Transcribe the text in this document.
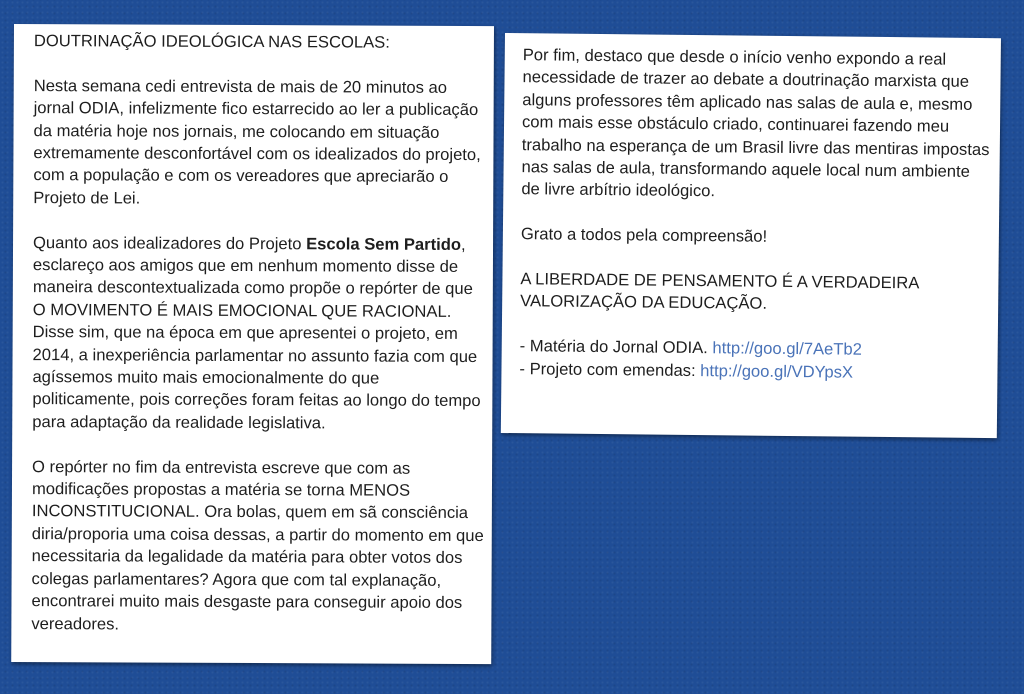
DOUTRINAÇÃO IDEOLÓGICA NAS ESCOLAS:

Nesta semana cedi entrevista de mais de 20 minutos ao jornal ODIA, infelizmente fico estarrecido ao ler a publicação da matéria hoje nos jornais, me colocando em situação extremamente desconfortável com os idealizados do projeto, com a população e com os vereadores que apreciarão o Projeto de Lei.

Quanto aos idealizadores do Projeto Escola Sem Partido, esclareço aos amigos que em nenhum momento disse de maneira descontextualizada como propõe o repórter de que O MOVIMENTO É MAIS EMOCIONAL QUE RACIONAL. Disse sim, que na época em que apresentei o projeto, em 2014, a inexperiência parlamentar no assunto fazia com que agíssemos muito mais emocionalmente do que politicamente, pois correções foram feitas ao longo do tempo para adaptação da realidade legislativa.

O repórter no fim da entrevista escreve que com as modificações propostas a matéria se torna MENOS INCONSTITUCIONAL. Ora bolas, quem em sã consciência diria/proporia uma coisa dessas, a partir do momento em que necessitaria da legalidade da matéria para obter votos dos colegas parlamentares? Agora que com tal explanação, encontrarei muito mais desgaste para conseguir apoio dos vereadores.

Por fim, destaco que desde o início venho expondo a real necessidade de trazer ao debate a doutrinação marxista que alguns professores têm aplicado nas salas de aula e, mesmo com mais esse obstáculo criado, continuarei fazendo meu trabalho na esperança de um Brasil livre das mentiras impostas nas salas de aula, transformando aquele local num ambiente de livre arbítrio ideológico.

Grato a todos pela compreensão!

A LIBERDADE DE PENSAMENTO É A VERDADEIRA VALORIZAÇÃO DA EDUCAÇÃO.

- Matéria do Jornal ODIA. http://goo.gl/7AeTb2
- Projeto com emendas: http://goo.gl/VDYpsX
